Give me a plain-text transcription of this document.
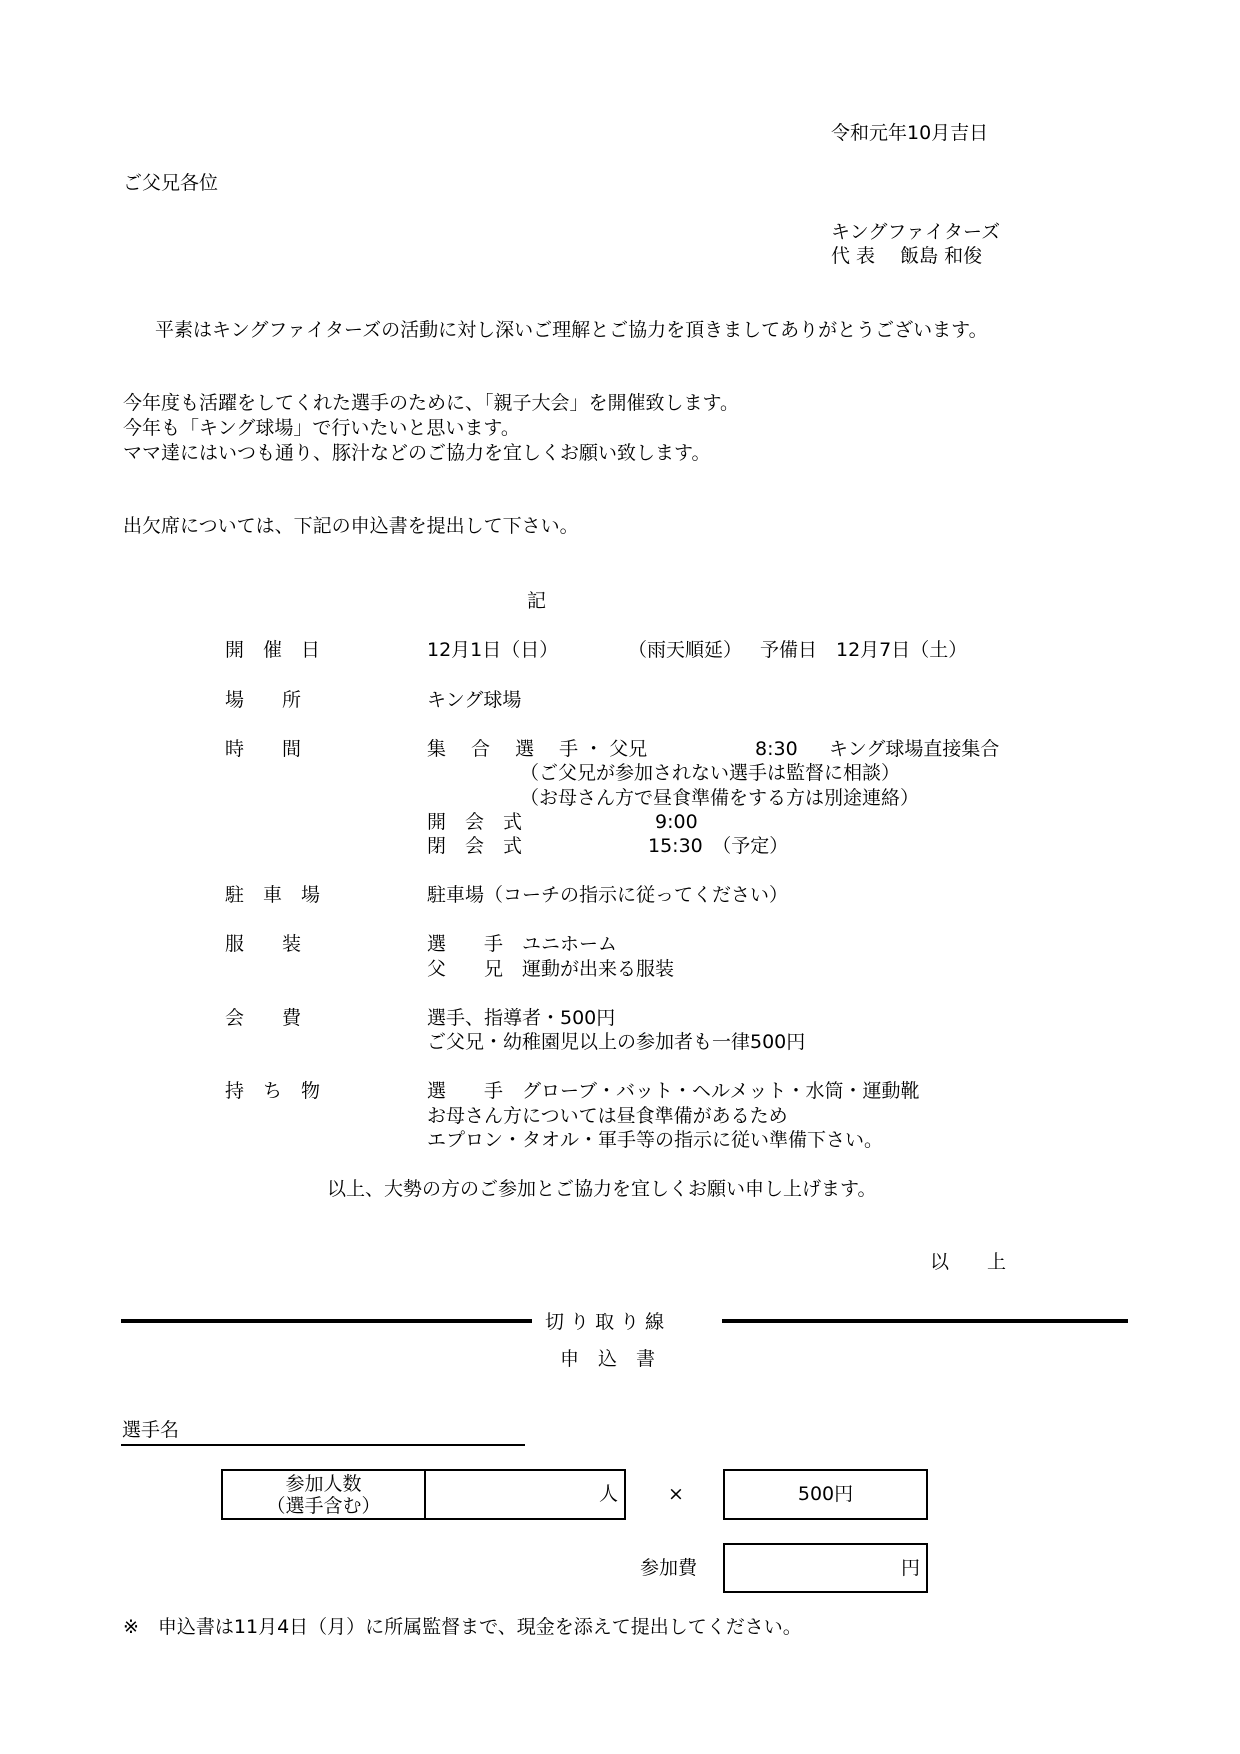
令和元年10月吉日
ご父兄各位
キングファイターズ
代 表　 飯島 和俊
平素はキングファイターズの活動に対し深いご理解とご協力を頂きましてありがとうございます。
今年度も活躍をしてくれた選手のために、「親子大会」を開催致します。
今年も「キング球場」で行いたいと思います。
ママ達にはいつも通り、豚汁などのご協力を宜しくお願い致します。
出欠席については、下記の申込書を提出して下さい。
記
開　催　日	12月1日（日）	（雨天順延） 予備日　12月7日（土）
場　　所	キング球場
時　　間	集　 合　 選　 手 ・ 父兄	8:30 キング球場直接集合
（ご父兄が参加されない選手は監督に相談）
（お母さん方で昼食準備をする方は別途連絡）
開　会　式	9:00
閉　会　式	15:30　（予定）
駐　車　場	駐車場（コーチの指示に従ってください）
服　　装	選　　手　ユニホーム
父　　兄　運動が出来る服装
会　　費	選手、指導者・500円
ご父兄・幼稚園児以上の参加者も一律500円
持　ち　物	選　　手　グローブ・バット・ヘルメット・水筒・運動靴
お母さん方については昼食準備があるため
エプロン・タオル・軍手等の指示に従い準備下さい。
以上、大勢の方のご参加とご協力を宜しくお願い申し上げます。
以　　上
切 り 取 り 線
申　込　書
選手名
参加人数
（選手含む）
人	×	500円
参加費	円
※　申込書は11月4日（月）に所属監督まで、現金を添えて提出してください。
